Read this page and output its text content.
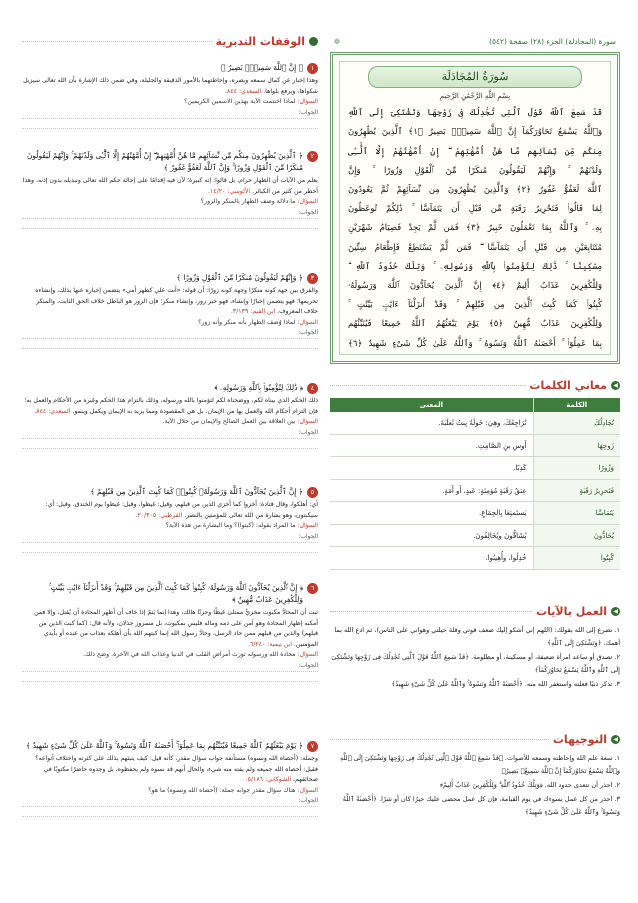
سورة (المجادلة) الجزء (٢٨) صفحة (٥٤٢)
❁
سُورَةُ المُجَادَلَة
بِسْمِ اللَّهِ الرَّحْمَٰنِ الرَّحِيمِ
قَدْ سَمِعَ ٱللَّهُ قَوْلَ ٱلَّتِى تُجَٰدِلُكَ فِى زَوْجِهَا وَتَشْتَكِىٓ إِلَى ٱللَّهِ
وَٱللَّهُ يَسْمَعُ تَحَاوُرَكُمَآ إِنَّ ٱللَّهَ سَمِيعٌۢ بَصِيرٌ ﴿١﴾ ٱلَّذِينَ يُظَٰهِرُونَ
مِنكُم مِّن نِّسَآئِهِم مَّا هُنَّ أُمَّهَٰتِهِمْ ۖ إِنْ أُمَّهَٰتُهُمْ إِلَّا ٱلَّٰٓـِٔى
وَلَدْنَهُمْ ۚ وَإِنَّهُمْ لَيَقُولُونَ مُنكَرًا مِّنَ ٱلْقَوْلِ وَزُورًا ۚ وَإِنَّ
ٱللَّهَ لَعَفُوٌّ غَفُورٌ ﴿٢﴾ وَٱلَّذِينَ يُظَٰهِرُونَ مِن نِّسَآئِهِمْ ثُمَّ يَعُودُونَ
لِمَا قَالُوا۟ فَتَحْرِيرُ رَقَبَةٍ مِّن قَبْلِ أَن يَتَمَآسَّا ۚ ذَٰلِكُمْ تُوعَظُونَ
بِهِۦ ۚ وَٱللَّهُ بِمَا تَعْمَلُونَ خَبِيرٌ ﴿٣﴾ فَمَن لَّمْ يَجِدْ فَصِيَامُ شَهْرَيْنِ
مُتَتَابِعَيْنِ مِن قَبْلِ أَن يَتَمَآسَّا ۖ فَمَن لَّمْ يَسْتَطِعْ فَإِطْعَامُ سِتِّينَ
مِسْكِينًا ۚ ذَٰلِكَ لِتُؤْمِنُوا۟ بِٱللَّهِ وَرَسُولِهِۦ ۚ وَتِلْكَ حُدُودُ ٱللَّهِ ۗ
وَلِلْكَٰفِرِينَ عَذَابٌ أَلِيمٌ ﴿٤﴾ إِنَّ ٱلَّذِينَ يُحَآدُّونَ ٱللَّهَ وَرَسُولَهُۥ
كُبِتُوا۟ كَمَا كُبِتَ ٱلَّذِينَ مِن قَبْلِهِمْ ۚ وَقَدْ أَنزَلْنَآ ءَايَٰتٍۭ بَيِّنَٰتٍ ۚ
وَلِلْكَٰفِرِينَ عَذَابٌ مُّهِينٌ ﴿٥﴾ يَوْمَ يَبْعَثُهُمُ ٱللَّهُ جَمِيعًا فَيُنَبِّئُهُم
بِمَا عَمِلُوٓا۟ ۚ أَحْصَىٰهُ ٱللَّهُ وَنَسُوهُ ۚ وَٱللَّهُ عَلَىٰ كُلِّ شَىْءٍ شَهِيدٌ ﴿٦﴾
◀
معاني الكلمات
الكلمة	المعنى
تُجَادِلُكَ	تُرَاجِعُكَ، وهِيَ: خَولَةُ بِنتُ ثَعلَبَةَ.
زَوجِهَا	أَوسِ بنِ الصَّامِتِ.
وَزُورًا	كَذِبًا.
فَتَحرِيرُ رَقَبَةٍ	عِتقُ رَقَبَةٍ مُؤمِنَةٍ: عَبدٍ، أَو أَمَةٍ.
يَتَمَاسَّا	يَستَمتِعَا بِالجِمَاعِ.
يُحَادُّونَ	يُشَاقُّونَ ويُخَالِفُونَ.
كُبِتُوا	خُذِلُوا، وأُهِينُوا.
◀
العمل بالآيات

١. تضرع إلى الله بقولك: (اللهم إني أشكو إليك ضعف قوتي وقلة حيلتي وهواني على الناس)، ثم ادع الله بما أهمك. ﴿وَتَشْتَكِىٓ إِلَى ٱللَّهِ﴾

٢. تصدق أو ساعد امرأة ضعيفة، أو مسكينة، أو مظلومة. ﴿قَدْ سَمِعَ ٱللَّهُ قَوْلَ ٱلَّتِى تُجَٰدِلُكَ فِى زَوْجِهَا وَتَشْتَكِىٓ إِلَى ٱللَّهِ وَٱللَّهُ يَسْمَعُ تَحَاوُرَكُمَآ﴾

٣. تذكر ذنبًا فعلته واستغفر الله منه. ﴿أَحْصَىٰهُ ٱللَّهُ وَنَسُوهُ ۚ وَٱللَّهُ عَلَىٰ كُلِّ شَىْءٍ شَهِيدٌ﴾

◀
التوجيهات

١. سعة علم الله وإحاطته وسمعه للأصوات. ﴿قَدْ سَمِعَ ٱللَّهُ قَوْلَ ٱلَّتِى تُجَٰدِلُكَ فِى زَوْجِهَا وَتَشْتَكِىٓ إِلَى ٱللَّهِ وَٱللَّهُ يَسْمَعُ تَحَاوُرَكُمَآ إِنَّ ٱللَّهَ سَمِيعٌۢ بَصِيرٌ﴾

٢. احذر أن تتعدى حدود الله. ﴿وَتِلْكَ حُدُودُ ٱللَّهِ ۗ وَلِلْكَٰفِرِينَ عَذَابٌ أَلِيمٌ﴾

٣. احذر من كل عمل يسوءك في يوم القيامة، فإن كل عمل محصى عليك خيرًا كان أو شرًا. ﴿أَحْصَىٰهُ ٱللَّهُ وَنَسُوهُ ۚ وَٱللَّهُ عَلَىٰ كُلِّ شَىْءٍ شَهِيدٌ﴾

الوقفات التدبرية
١
﴿ إِنَّ ٱللَّهَ سَمِيعٌۢ بَصِيرٌ ﴾
وهذا إخبار عن كمال سمعه وبصره، وإحاطتهما بالأمور الدقيقة والجليلة، وفي ضمن ذلك الإشارة بأن الله تعالى سيزيل شكواها، ويرفع بلواها. السعدي: ٨٤٤.
السؤال: لماذا اختتمت الآية بهذين الاسمين الكريمين؟
الجواب:
٢
﴿ ٱلَّذِينَ يُظَٰهِرُونَ مِنكُم مِّن نِّسَآئِهِم مَّا هُنَّ أُمَّهَٰتِهِمْ ۖ إِنْ أُمَّهَٰتُهُمْ إِلَّا ٱلَّٰٓـِٔى وَلَدْنَهُمْ ۚ وَإِنَّهُمْ لَيَقُولُونَ مُنكَرًا مِّنَ ٱلْقَوْلِ وَزُورًا ۚ وَإِنَّ ٱللَّهَ لَعَفُوٌّ غَفُورٌ ﴾
يعلم من الآيات أن الظهار حرام، بل قالوا: إنه كبيرة؛ لأن فيه إقدامًا على إحالة حكم الله تعالى وتبديله بدون إذنه، وهذا أخطر من كثير من الكبائر. الألوسي: ١٤/٢٠.
السؤال: ما دلالة وصف الظهار بالمنكر والزور؟
الجواب:
٣
﴿ وَإِنَّهُمْ لَيَقُولُونَ مُنكَرًا مِّنَ ٱلْقَوْلِ وَزُورًا ﴾
والفرق بين جهة كونه منكرًا وجهة كونه زورًا: أن قوله: «أنت علي كظهر أمي» يتضمن إخباره عنها بذلك، وإنشاءه تحريمها؛ فهو يتضمن إخبارًا وإنشاء، فهو خبر زور، وإنشاء منكر؛ فإن الزور هو الباطل خلاف الحق الثابت، والمنكر خلاف المعروف. ابن القيم: ٣/١٣٩.
السؤال: لماذا وُصف الظهار بأنه منكر وأنه زور؟
الجواب:
٤
﴿ ذَٰلِكَ لِتُؤْمِنُوا۟ بِٱللَّهِ وَرَسُولِهِۦ ﴾
ذلك الحكم الذي بيناه لكم، ووضحناه لكم لتؤمنوا بالله ورسوله، وذلك بالتزام هذا الحكم وغيره من الأحكام والعمل به؛ فإن التزام أحكام الله والعمل بها من الإيمان، بل هي المقصودة ومما يزيد به الإيمان ويكمل وينمو. السعدي: ٨٤٤.
السؤال: بين العلاقة بين العمل الصالح والإيمان من خلال الآية.
الجواب:
٥
﴿ إِنَّ ٱلَّذِينَ يُحَآدُّونَ ٱللَّهَ وَرَسُولَهُۥ كُبِتُوا۟ كَمَا كُبِتَ ٱلَّذِينَ مِن قَبْلِهِمْ ﴾
أي: أهلكوا، وقال قتادة: أخزوا كما أخزي الذين من قبلهم، وقيل: غيظوا، وقيل: غيظوا يوم الخندق، وقيل: أي: سيكبتون، وهو بشارة من الله تعالى للمؤمنين بالنصر. القرطبي: ٢٠/٣٠٥.
السؤال: ما المراد بقوله: (كبتوا)؟ وما البشارة من هذه الآية؟
الجواب:
٦
﴿ إِنَّ ٱلَّذِينَ يُحَآدُّونَ ٱللَّهَ وَرَسُولَهُۥ كُبِتُوا۟ كَمَا كُبِتَ ٱلَّذِينَ مِن قَبْلِهِمْ ۚ وَقَدْ أَنزَلْنَآ ءَايَٰتٍۭ بَيِّنَٰتٍ ۚ وَلِلْكَٰفِرِينَ عَذَابٌ مُّهِينٌ ﴾
ثبت أن المحادَّ مكبوت مخزيٌّ ممتلئ غيظًا وحزنًا هالك، وهذا إنما يَتمّ إذا خاف أن أظهر المحادة أن يُقتل، وإلا فمن أمكنه إظهار المحادة وهو آمن على دمه وماله فليس بمكبوت، بل مسرور جذلان، ولأنه قال: (كما كبت الذين من قبلهم) والذين من قبلهم ممن حاد الرسل، وحادَّ رسول الله إنما كبتهم الله بأن أهلكه بعذاب من عنده أو بأيدي المؤمنين. ابن تيمية: ٦/٢٤٠.
السؤال: محادة الله ورسوله تورث أمراض القلب في الدنيا وعذاب الله في الآخرة. وضح ذلك.
الجواب:
٧
﴿ يَوْمَ يَبْعَثُهُمُ ٱللَّهُ جَمِيعًا فَيُنَبِّئُهُم بِمَا عَمِلُوٓا۟ ۚ أَحْصَىٰهُ ٱللَّهُ وَنَسُوهُ ۚ وَٱللَّهُ عَلَىٰ كُلِّ شَىْءٍ شَهِيدٌ ﴾
وجملة: (أحصاه الله ونسوه) مستأنفة جواب سؤال مقدر، كأنه قيل: كيف ينبئهم بذلك على كثرته واختلاف أنواعه؟ فقيل: أحصاه الله جميعه ولم يفته منه شيء، والحال أنهم قد نسوه ولم يحفظوه، بل وجدوه حاضرًا مكتوبًا في صحائفهم. الشوكاني: ٥/١٨٦.
السؤال: هناك سؤال مقدر جوابه جملة: (أحصاه الله ونسوه) ما هو؟
الجواب:
